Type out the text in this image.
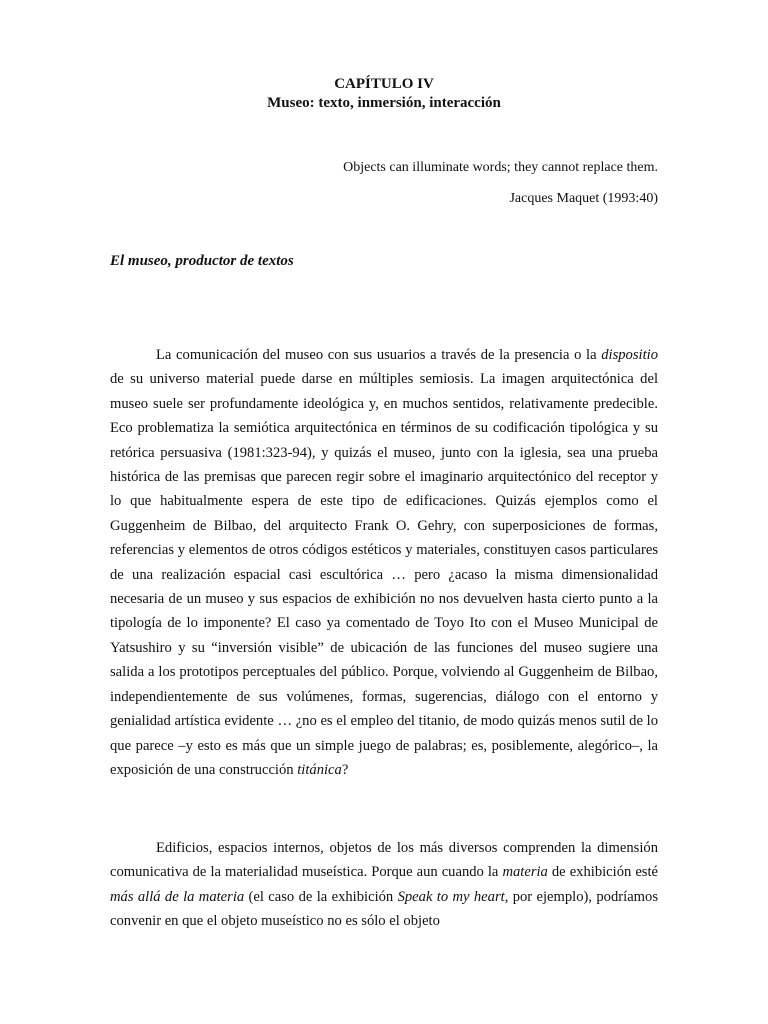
CAPÍTULO IV
Museo: texto, inmersión, interacción
Objects can illuminate words; they cannot replace them.
Jacques Maquet (1993:40)
El museo, productor de textos

La comunicación del museo con sus usuarios a través de la presencia o la dispositio de su universo material puede darse en múltiples semiosis. La imagen arquitectónica del museo suele ser profundamente ideológica y, en muchos sentidos, relativamente predecible. Eco problematiza la semiótica arquitectónica en términos de su codificación tipológica y su retórica persuasiva (1981:323-94), y quizás el museo, junto con la iglesia, sea una prueba histórica de las premisas que parecen regir sobre el imaginario arquitectónico del receptor y lo que habitualmente espera de este tipo de edificaciones. Quizás ejemplos como el Guggenheim de Bilbao, del arquitecto Frank O. Gehry, con superposiciones de formas, referencias y elementos de otros códigos estéticos y materiales, constituyen casos particulares de una realización espacial casi escultórica … pero ¿acaso la misma dimensionalidad necesaria de un museo y sus espacios de exhibición no nos devuelven hasta cierto punto a la tipología de lo imponente? El caso ya comentado de Toyo Ito con el Museo Municipal de Yatsushiro y su “inversión visible” de ubicación de las funciones del museo sugiere una salida a los prototipos perceptuales del público. Porque, volviendo al Guggenheim de Bilbao, independientemente de sus volúmenes, formas, sugerencias, diálogo con el entorno y genialidad artística evidente … ¿no es el empleo del titanio, de modo quizás menos sutil de lo que parece –y esto es más que un simple juego de palabras; es, posiblemente, alegórico–, la exposición de una construcción titánica?

Edificios, espacios internos, objetos de los más diversos comprenden la dimensión comunicativa de la materialidad museística. Porque aun cuando la materia de exhibición esté más allá de la materia (el caso de la exhibición Speak to my heart, por ejemplo), podríamos convenir en que el objeto museístico no es sólo el objeto
